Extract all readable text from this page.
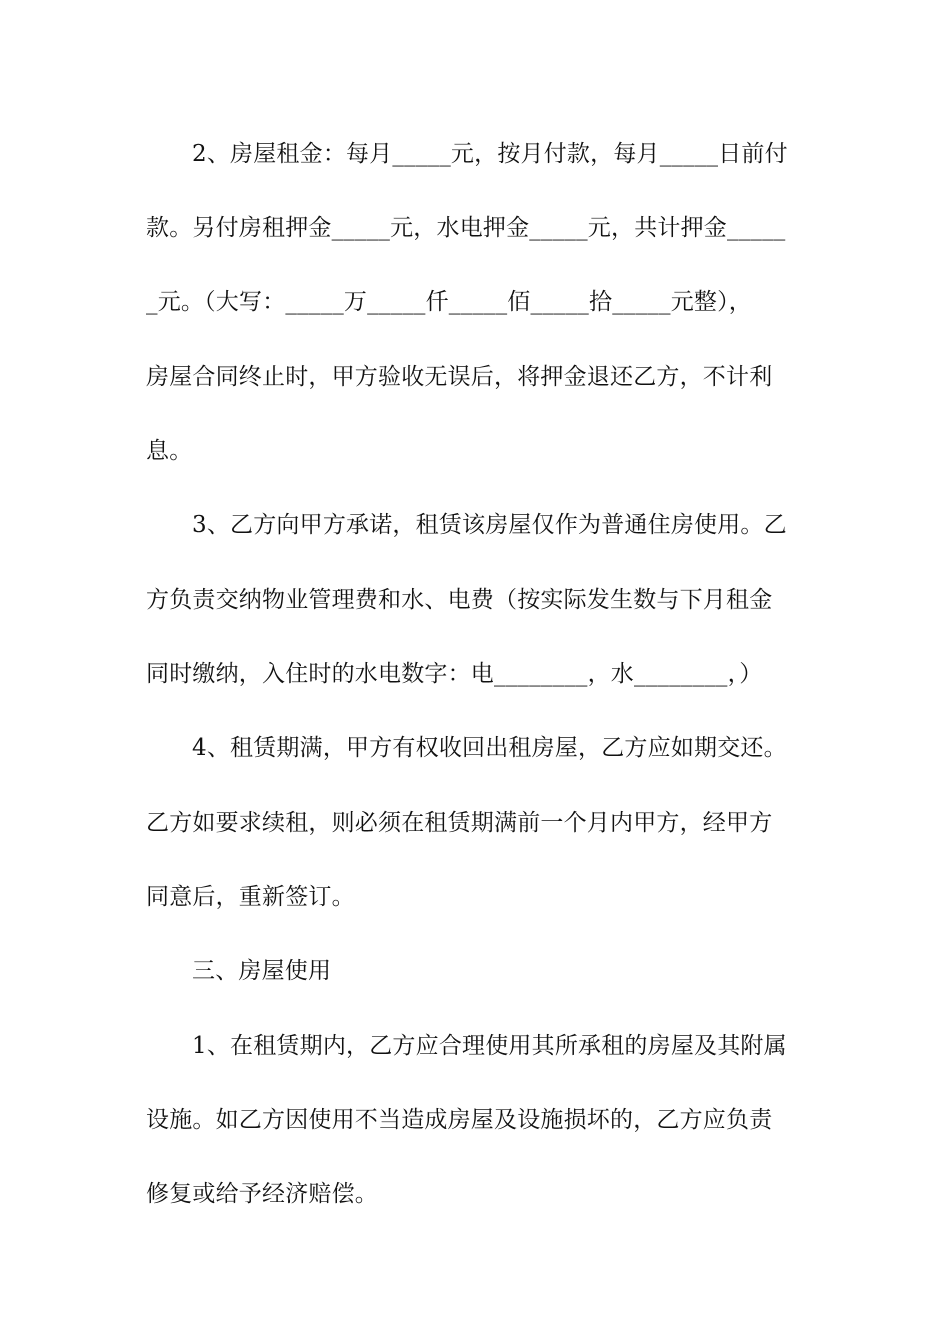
2、房屋租金：每月_____元，按月付款，每月_____日前付
款。另付房租押金_____元，水电押金_____元，共计押金_____
_元。（大写：_____万_____仟_____佰_____拾_____元整），
房屋合同终止时，甲方验收无误后，将押金退还乙方，不计利
息。
3、乙方向甲方承诺，租赁该房屋仅作为普通住房使用。乙
方负责交纳物业管理费和水、电费（按实际发生数与下月租金
同时缴纳，入住时的水电数字：电________，水________，）
4、租赁期满，甲方有权收回出租房屋，乙方应如期交还。
乙方如要求续租，则必须在租赁期满前一个月内甲方，经甲方
同意后，重新签订。
三、房屋使用
1、在租赁期内，乙方应合理使用其所承租的房屋及其附属
设施。如乙方因使用不当造成房屋及设施损坏的，乙方应负责
修复或给予经济赔偿。
